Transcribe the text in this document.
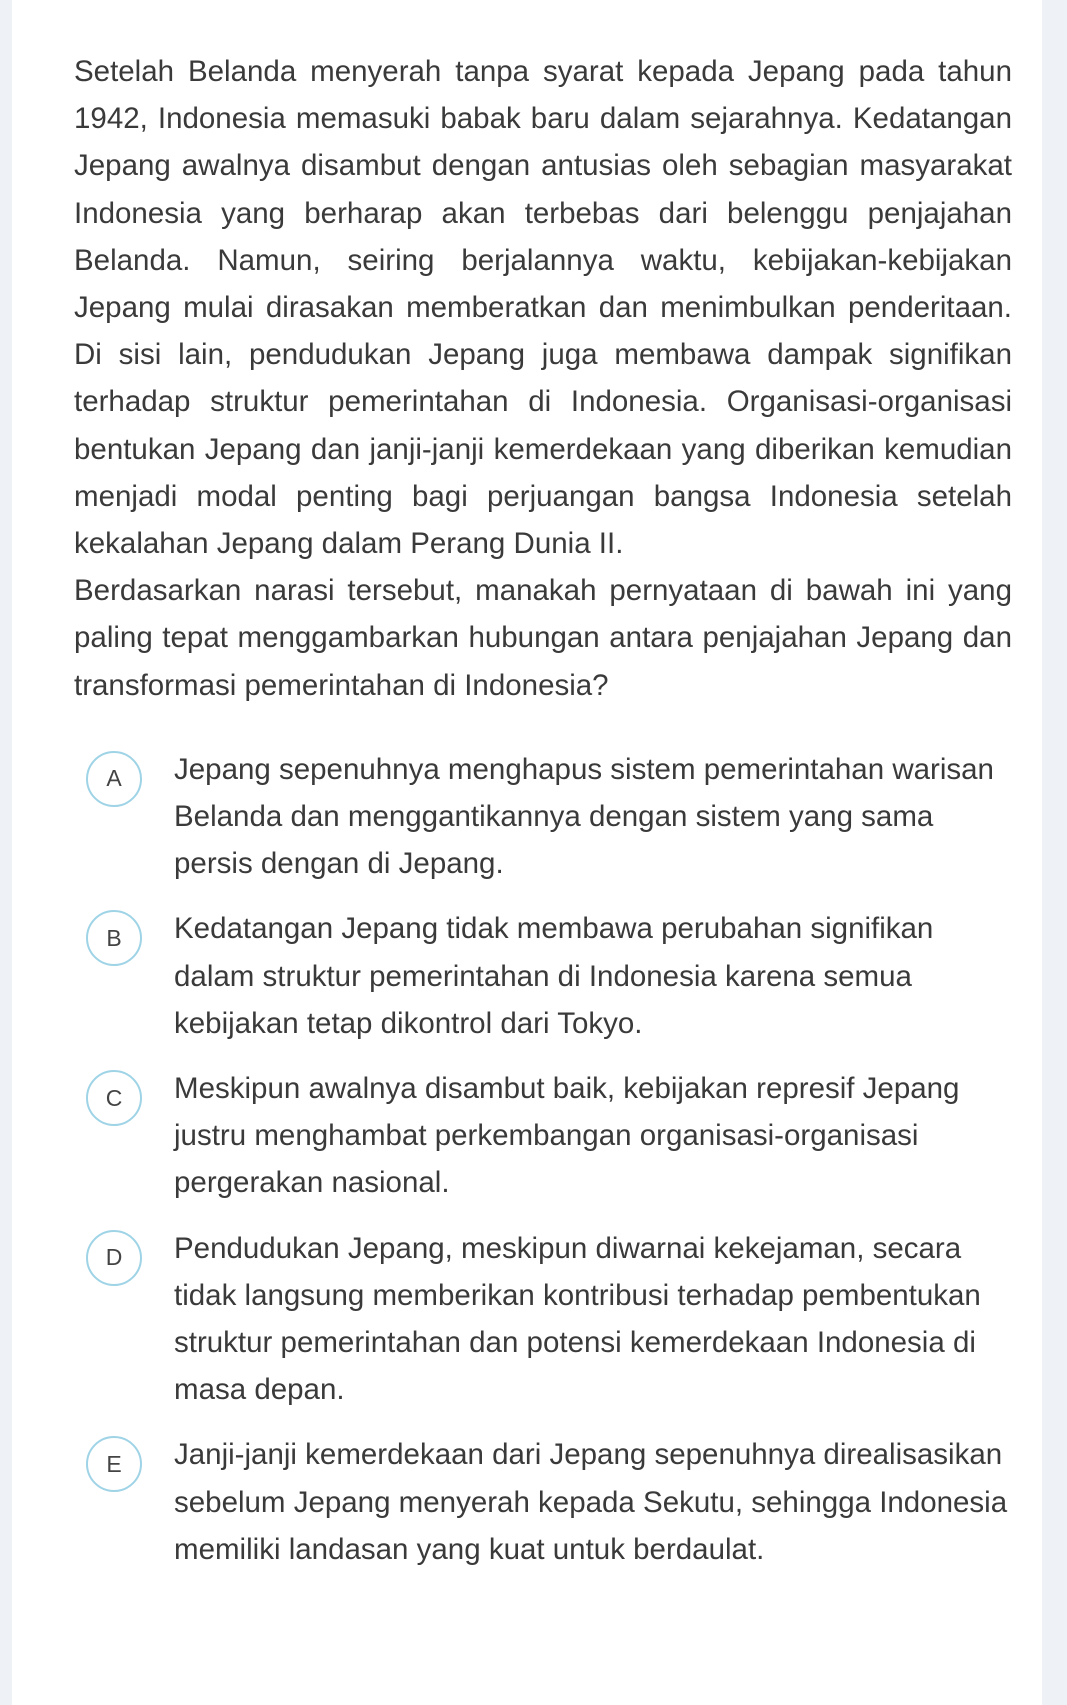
Setelah Belanda menyerah tanpa syarat kepada Jepang pada tahun 1942, Indonesia memasuki babak baru dalam sejarahnya. Kedatangan Jepang awalnya disambut dengan antusias oleh sebagian masyarakat Indonesia yang berharap akan terbebas dari belenggu penjajahan Belanda. Namun, seiring berjalannya waktu, kebijakan-kebijakan Jepang mulai dirasakan memberatkan dan menimbulkan penderitaan. Di sisi lain, pendudukan Jepang juga membawa dampak signifikan terhadap struktur pemerintahan di Indonesia. Organisasi-organisasi bentukan Jepang dan janji-janji kemerdekaan yang diberikan kemudian menjadi modal penting bagi perjuangan bangsa Indonesia setelah kekalahan Jepang dalam Perang Dunia II.

Berdasarkan narasi tersebut, manakah pernyataan di bawah ini yang paling tepat menggambarkan hubungan antara penjajahan Jepang dan transformasi pemerintahan di Indonesia?

A	Jepang sepenuhnya menghapus sistem pemerintahan warisan Belanda dan menggantikannya dengan sistem yang sama persis dengan di Jepang.
B	Kedatangan Jepang tidak membawa perubahan signifikan dalam struktur pemerintahan di Indonesia karena semua kebijakan tetap dikontrol dari Tokyo.
C	Meskipun awalnya disambut baik, kebijakan represif Jepang justru menghambat perkembangan organisasi-organisasi pergerakan nasional.
D	Pendudukan Jepang, meskipun diwarnai kekejaman, secara tidak langsung memberikan kontribusi terhadap pembentukan struktur pemerintahan dan potensi kemerdekaan Indonesia di masa depan.
E	Janji-janji kemerdekaan dari Jepang sepenuhnya direalisasikan sebelum Jepang menyerah kepada Sekutu, sehingga Indonesia memiliki landasan yang kuat untuk berdaulat.
